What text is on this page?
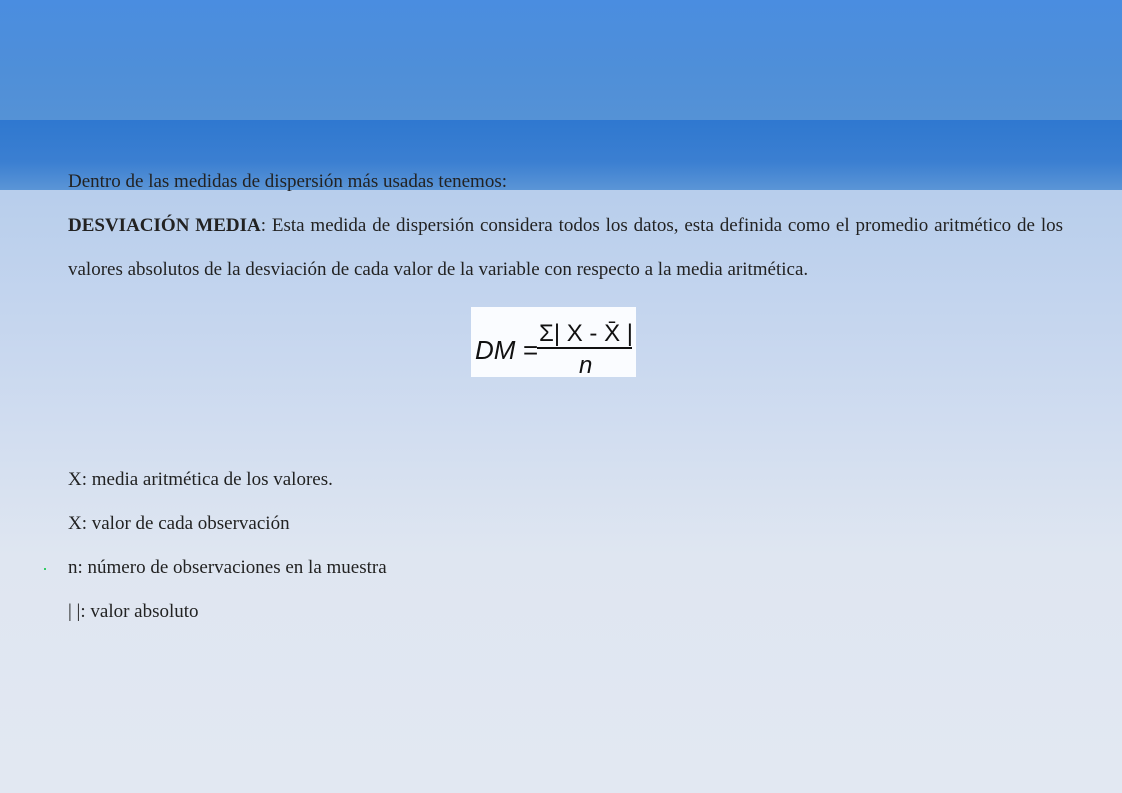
Dentro de las medidas de dispersión más usadas tenemos:

DESVIACIÓN MEDIA: Esta medida de dispersión considera todos los datos, esta definida como el promedio aritmético de los valores absolutos de la desviación de cada valor de la variable con respecto a la media aritmética.

DM =
Σ| X - X̄ |
n
X: media aritmética de los valores.
X: valor de cada observación
n: número de observaciones en la muestra
| |: valor absoluto
